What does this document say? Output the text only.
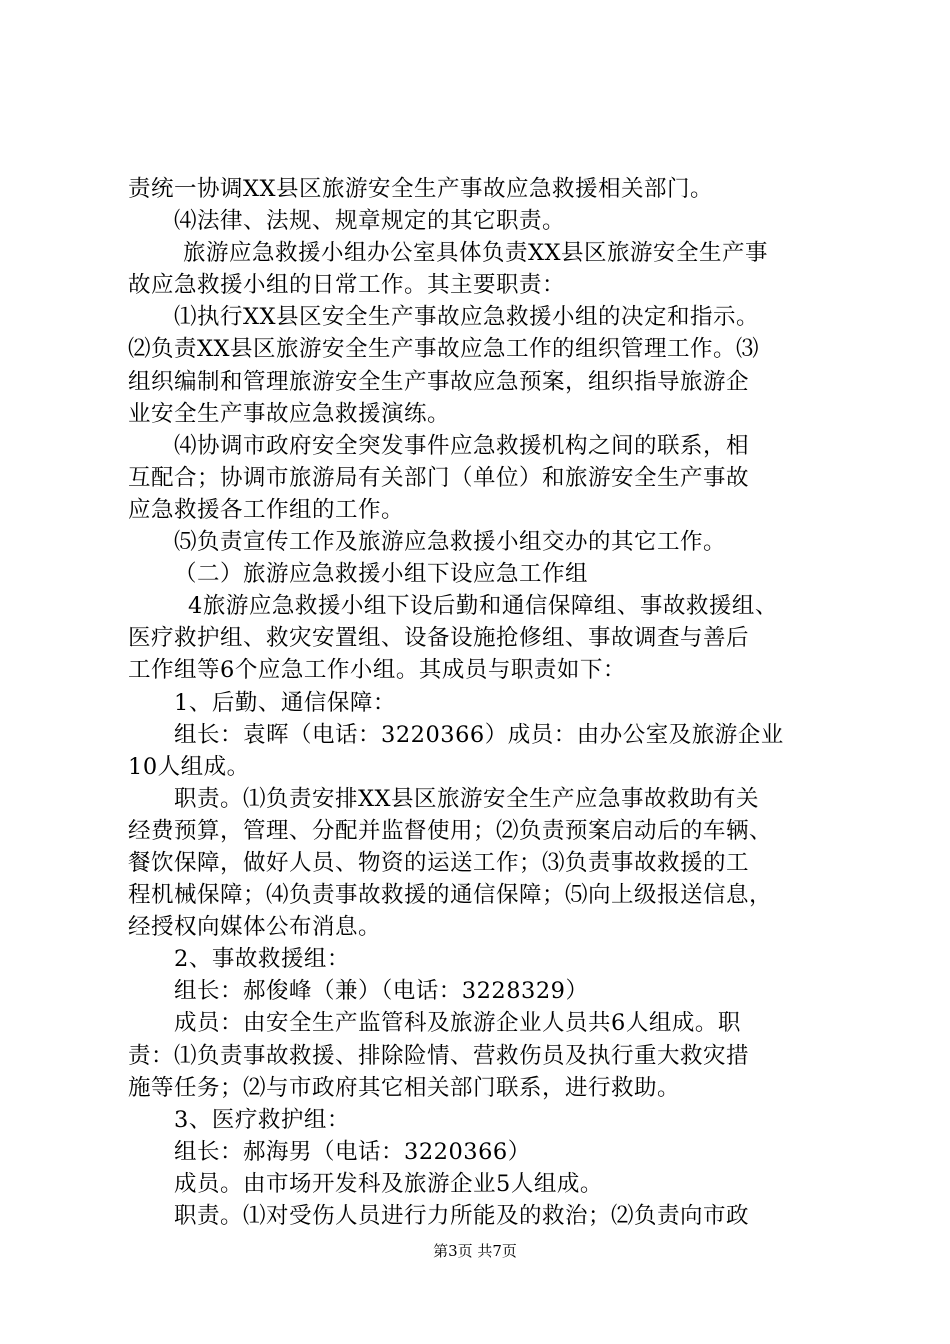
责统一协调XX县区旅游安全生产事故应急救援相关部门。
⑷法律、法规、规章规定的其它职责。
旅游应急救援小组办公室具体负责XX县区旅游安全生产事
故应急救援小组的日常工作。其主要职责：
⑴执行XX县区安全生产事故应急救援小组的决定和指示。
⑵负责XX县区旅游安全生产事故应急工作的组织管理工作。⑶
组织编制和管理旅游安全生产事故应急预案，组织指导旅游企
业安全生产事故应急救援演练。
⑷协调市政府安全突发事件应急救援机构之间的联系，相
互配合；协调市旅游局有关部门（单位）和旅游安全生产事故
应急救援各工作组的工作。
⑸负责宣传工作及旅游应急救援小组交办的其它工作。
（二）旅游应急救援小组下设应急工作组
4旅游应急救援小组下设后勤和通信保障组、事故救援组、
医疗救护组、救灾安置组、设备设施抢修组、事故调查与善后
工作组等6个应急工作小组。其成员与职责如下：
1、后勤、通信保障：
组长：袁晖（电话：3220366）成员：由办公室及旅游企业
10人组成。
职责。⑴负责安排XX县区旅游安全生产应急事故救助有关
经费预算，管理、分配并监督使用；⑵负责预案启动后的车辆、
餐饮保障，做好人员、物资的运送工作；⑶负责事故救援的工
程机械保障；⑷负责事故救援的通信保障；⑸向上级报送信息，
经授权向媒体公布消息。
2、事故救援组：
组长：郝俊峰（兼）（电话：3228329）
成员：由安全生产监管科及旅游企业人员共6人组成。职
责：⑴负责事故救援、排除险情、营救伤员及执行重大救灾措
施等任务；⑵与市政府其它相关部门联系，进行救助。
3、医疗救护组：
组长：郝海男（电话：3220366）
成员。由市场开发科及旅游企业5人组成。
职责。⑴对受伤人员进行力所能及的救治；⑵负责向市政
第3页 共7页
